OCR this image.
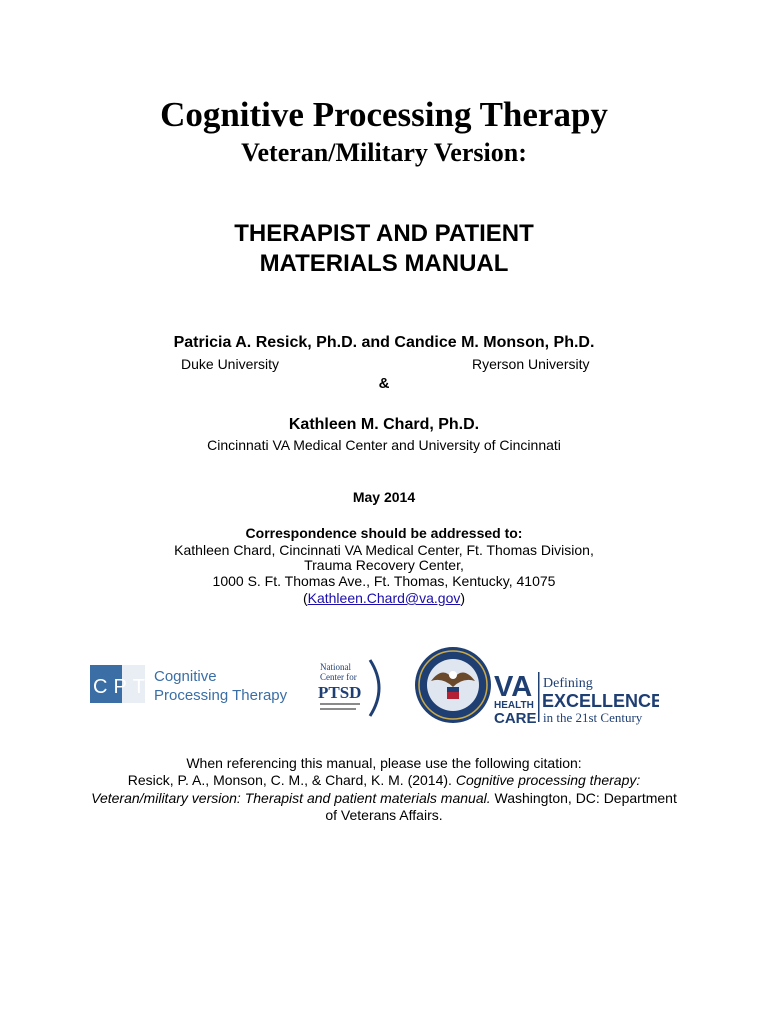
Cognitive Processing Therapy
Veteran/Military Version:
THERAPIST AND PATIENT
MATERIALS MANUAL
Patricia A. Resick, Ph.D. and Candice M. Monson, Ph.D.
Duke University	Ryerson University
&
Kathleen M. Chard, Ph.D.
Cincinnati VA Medical Center and University of Cincinnati
May 2014
Correspondence should be addressed to:
Kathleen Chard, Cincinnati VA Medical Center, Ft. Thomas Division,
Trauma Recovery Center,
1000 S. Ft. Thomas Ave., Ft. Thomas, Kentucky, 41075
(Kathleen.Chard@va.gov)
CPT Cognitive
Processing Therapy
National
Center for
PTSD	VA
HEALTH
CARE
Defining
EXCELLENCE
in the 21st Century
When referencing this manual, please use the following citation:
Resick, P. A., Monson, C. M., & Chard, K. M. (2014). Cognitive processing therapy:
Veteran/military version: Therapist and patient materials manual. Washington, DC: Department
of Veterans Affairs.
